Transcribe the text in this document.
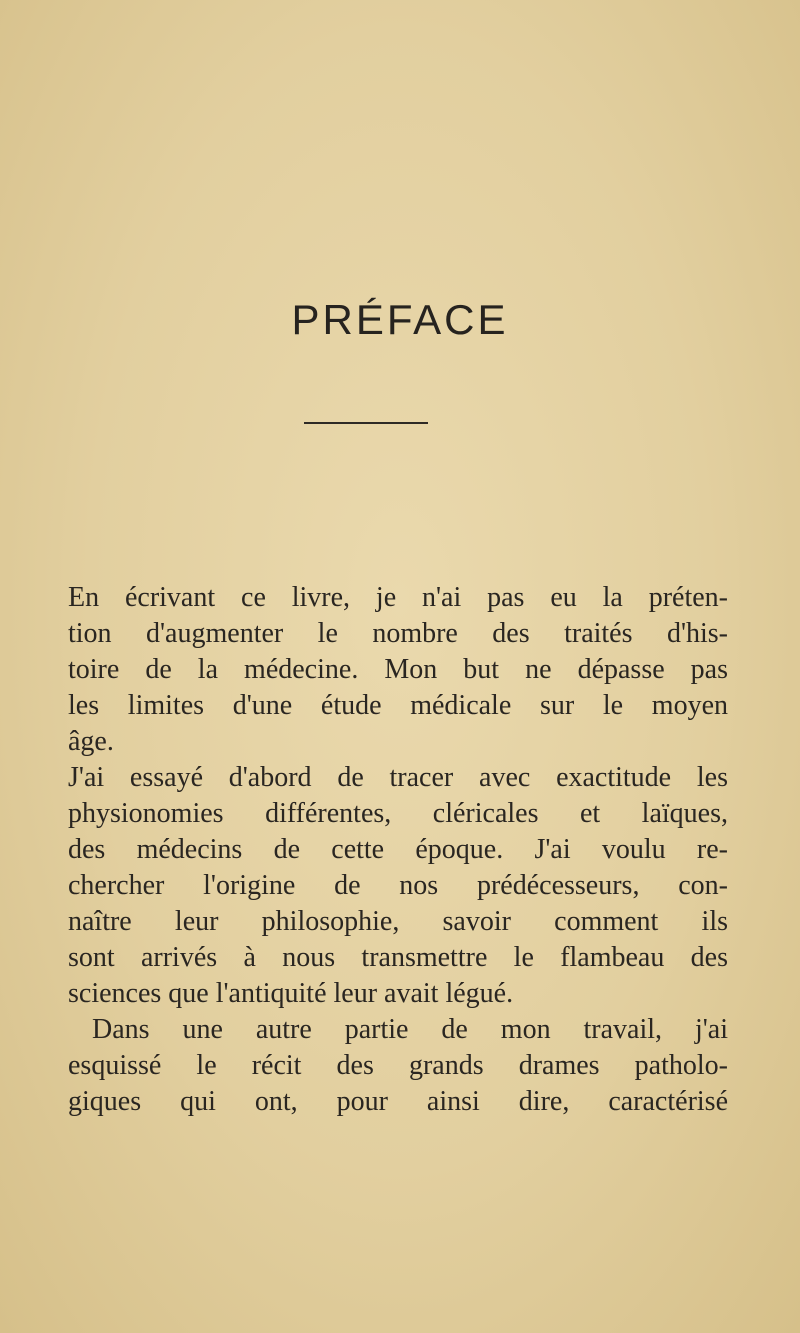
PRÉFACE

En écrivant ce livre, je n'ai pas eu la préten-
tion d'augmenter le nombre des traités d'his-
toire de la médecine. Mon but ne dépasse pas
les limites d'une étude médicale sur le moyen
âge.

J'ai essayé d'abord de tracer avec exactitude les
physionomies différentes, cléricales et laïques,
des médecins de cette époque. J'ai voulu re-
chercher l'origine de nos prédécesseurs, con-
naître leur philosophie, savoir comment ils
sont arrivés à nous transmettre le flambeau des
sciences que l'antiquité leur avait légué.

Dans une autre partie de mon travail, j'ai
esquissé le récit des grands drames patholo-
giques qui ont, pour ainsi dire, caractérisé
